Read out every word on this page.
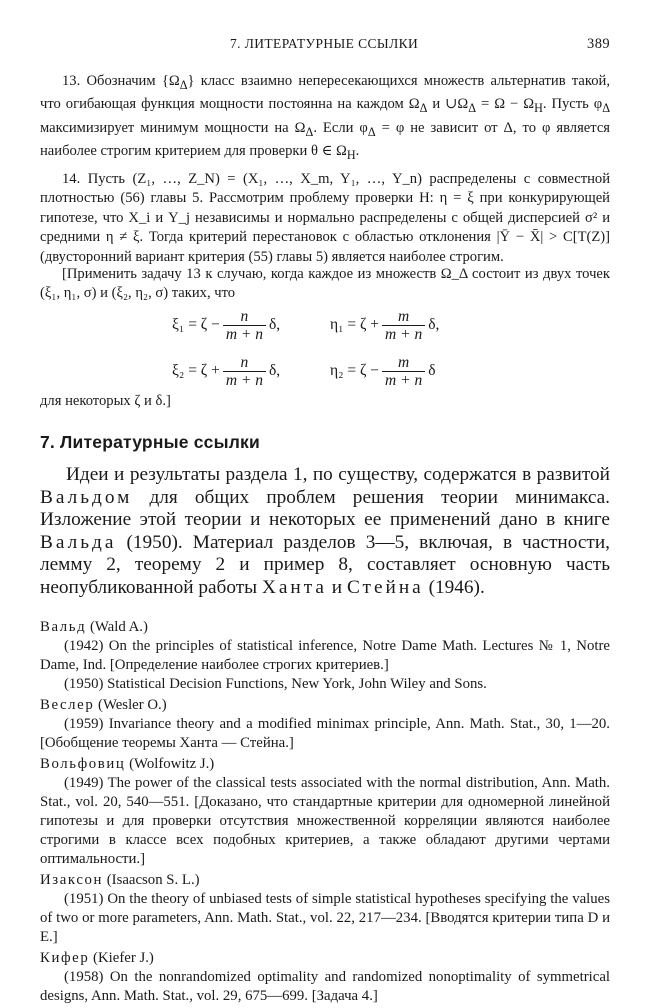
7. ЛИТЕРАТУРНЫЕ ССЫЛКИ	389

13. Обозначим $\{\Omega_\Delta\}$ класс взаимно непересекающихся множеств альтернатив такой, что огибающая функция мощности постоянна на каждом $\Omega_\Delta$ и $\cup\Omega_\Delta = \Omega - \Omega_H$. Пусть $\varphi_\Delta$ максимизирует минимум мощности на $\Omega_\Delta$. Если $\varphi_\Delta = \varphi$ не зависит от Δ, то φ является наиболее строгим критерием для проверки θ ∈ $\Omega_H$.

14. Пусть (Z₁, …, Z_N) = (X₁, …, X_m, Y₁, …, Y_n) распределены с совместной плотностью (56) главы 5. Рассмотрим проблему проверки H: η = ξ при конкурирующей гипотезе, что X_i и Y_j независимы и нормально распределены с общей дисперсией σ² и средними η ≠ ξ. Тогда критерий перестановок с областью отклонения |Ȳ − X̄| > C[T(Z)] (двусторонний вариант критерия (55) главы 5) является наиболее строгим.

[Применить задачу 13 к случаю, когда каждое из множеств Ω_Δ состоит из двух точек (ξ₁, η₁, σ) и (ξ₂, η₂, σ) таких, что

$\xi_1 = \zeta - \frac{n}{m + n} \delta$,	$\eta_1 = \zeta + \frac{m}{m + n} \delta$,
$\xi_2 = \zeta + \frac{n}{m + n} \delta$,	$\eta_2 = \zeta - \frac{m}{m + n}$ δ

для некоторых ζ и δ.]

7. Литературные ссылки

Идеи и результаты раздела 1, по существу, содержатся в развитой Вальдом для общих проблем решения теории минимакса. Изложение этой теории и некоторых ее применений дано в книге Вальда (1950). Материал разделов 3—5, включая, в частности, лемму 2, теорему 2 и пример 8, составляет основную часть неопубликованной работы Ханта и Стейна (1946).

Вальд (Wald A.)

(1942) On the principles of statistical inference, Notre Dame Math. Lectures № 1, Notre Dame, Ind. [Определение наиболее строгих критериев.]

(1950) Statistical Decision Functions, New York, John Wiley and Sons.

Веслер (Wesler O.)

(1959) Invariance theory and a modified minimax principle, Ann. Math. Stat., 30, 1—20. [Обобщение теоремы Ханта — Стейна.]

Вольфовиц (Wolfowitz J.)

(1949) The power of the classical tests associated with the normal distribution, Ann. Math. Stat., vol. 20, 540—551. [Доказано, что стандартные критерии для одномерной линейной гипотезы и для проверки отсутствия множественной корреляции являются наиболее строгими в классе всех подобных критериев, а также обладают другими чертами оптимальности.]

Изаксон (Isaacson S. L.)

(1951) On the theory of unbiased tests of simple statistical hypotheses specifying the values of two or more parameters, Ann. Math. Stat., vol. 22, 217—234. [Вводятся критерии типа D и E.]

Кифер (Kiefer J.)

(1958) On the nonrandomized optimality and randomized nonoptimality of symmetrical designs, Ann. Math. Stat., vol. 29, 675—699. [Задача 4.]
